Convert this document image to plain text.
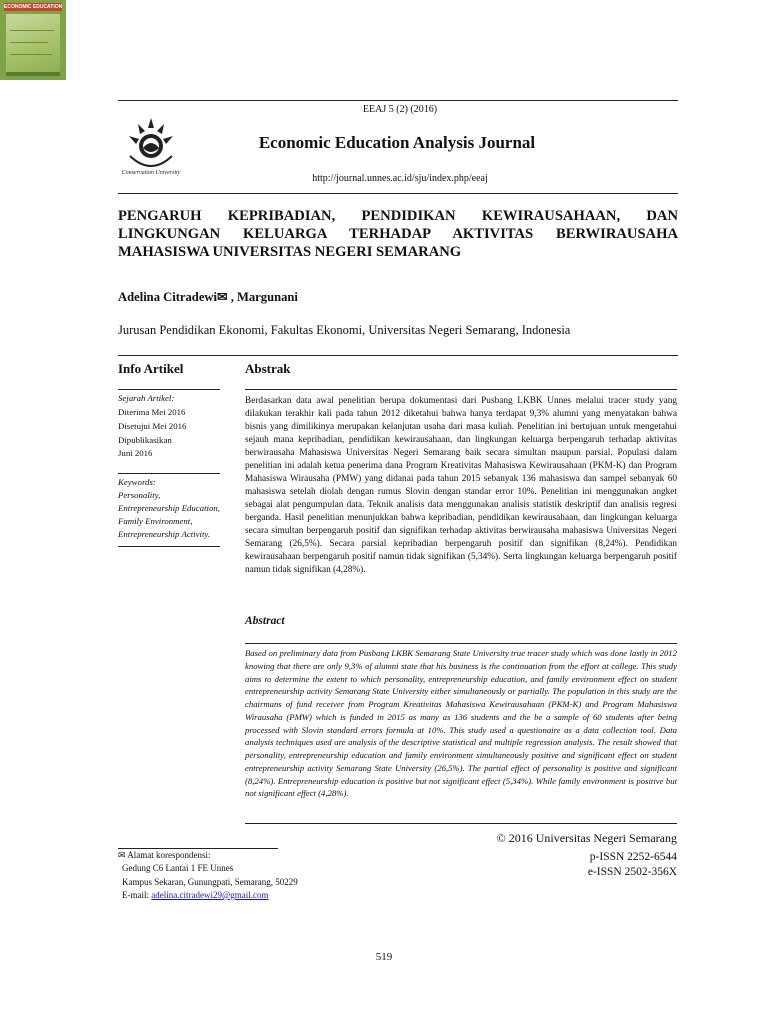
Conservation University
ECONOMIC EDUCATION
EEAJ 5 (2) (2016)
Economic Education Analysis Journal
http://journal.unnes.ac.id/sju/index.php/eeaj
PENGARUH KEPRIBADIAN, PENDIDIKAN KEWIRAUSAHAAN, DAN LINGKUNGAN KELUARGA TERHADAP AKTIVITAS BERWIRAUSAHA MAHASISWA UNIVERSITAS NEGERI SEMARANG
Adelina Citradewi✉ , Margunani
Jurusan Pendidikan Ekonomi, Fakultas Ekonomi, Universitas Negeri Semarang, Indonesia
Info Artikel
Sejarah Artikel:
Diterima Mei 2016
Disetujui Mei 2016
Dipublikasikan
Juni 2016
Keywords:
Personality,
Entrepreneurship Education,
Family Environment,
Entrepreneurship Activity.
Abstrak
Berdasarkan data awal penelitian berupa dokumentasi dari Pusbang LKBK Unnes melalui tracer study yang dilakukan terakhir kali pada tahun 2012 diketahui bahwa hanya terdapat 9,3% alumni yang menyatakan bahwa bisnis yang dimilikinya merupakan kelanjutan usaha dari masa kuliah. Penelitian ini bertujuan untuk mengetahui sejauh mana kepribadian, pendidikan kewirausahaan, dan lingkungan keluarga berpengaruh terhadap aktivitas berwirausaha Mahasiswa Universitas Negeri Semarang baik secara simultan maupun parsial. Populasi dalam penelitian ini adalah ketua penerima dana Program Kreativitas Mahasiswa Kewirausahaan (PKM-K) dan Program Mahasiswa Wirausaha (PMW) yang didanai pada tahun 2015 sebanyak 136 mahasiswa dan sampel sebanyak 60 mahasiswa setelah diolah dengan rumus Slovin dengan standar error 10%. Penelitian ini menggunakan angket sebagai alat pengumpulan data. Teknik analisis data menggunakan analisis statistik deskriptif dan analisis regresi berganda. Hasil penelitian menunjukkan bahwa kepribadian, pendidikan kewirausahaan, dan lingkungan keluarga secara simultan berpengaruh positif dan signifikan terhadap aktivitas berwirausaha mahasiswa Universitas Negeri Semarang (26,5%). Secara parsial kepribadian berpengaruh positif dan signifikan (8,24%). Pendidikan kewirausahaan berpengaruh positif namun tidak signifikan (5,34%). Serta lingkungan keluarga berpengaruh positif namun tidak signifikan (4,28%).
Abstract
Based on preliminary data from Pusbang LKBK Semarang State University true tracer study which was done lastly in 2012 knowing that there are only 9,3% of alumni state that his business is the continuation from the effort at college. This study aims to determine the extent to which personality, entrepreneurship education, and family environment effect on student entrepreneurship activity Semarang State University either simultaneously or partially. The population in this study are the chairmans of fund receiver from Program Kreativitas Mahasiswa Kewirausahaan (PKM-K) and Program Mahasiswa Wirausaha (PMW) which is funded in 2015 as many as 136 students and the be a sample of 60 students after being processed with Slovin standard errors formula at 10%. This study used a questionaire as a data collection tool. Data analysis techniques used are analysis of the descriptive statistical and multiple regression analysis. The result showed that personality, entrepreneurship education and family environment simultaneously positive and significant effect on student entrepreneurship activity Semarang State University (26,5%). The partial effect of personality is positive and significant (8,24%). Entrepreneurship education is positive but not significant effect (5,34%). While family environment is positive but not significant effect (4,28%).
© 2016 Universitas Negeri Semarang
p-ISSN 2252-6544
e-ISSN 2502-356X
✉ Alamat korespondensi:
Gedung C6 Lantai 1 FE Unnes
Kampus Sekaran, Gunungpati, Semarang, 50229
E-mail: adelina.citradewi29@gmail.com
519
